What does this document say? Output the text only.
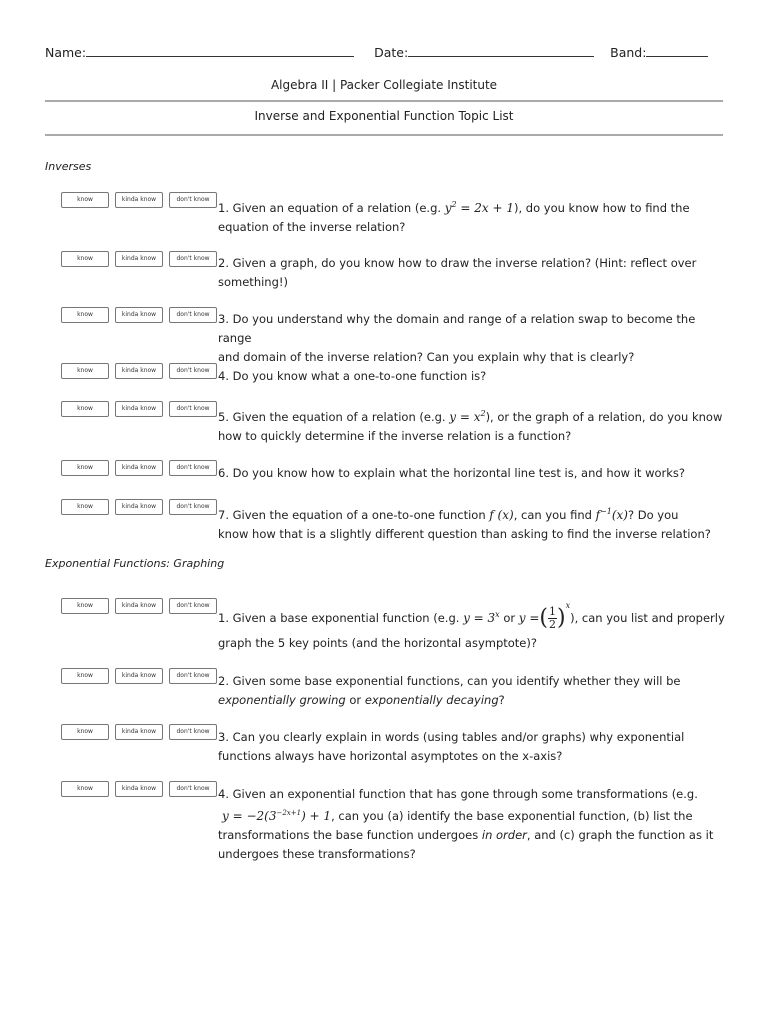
Name:	Date:	Band:
Algebra II | Packer Collegiate Institute
Inverse and Exponential Function Topic List
Inverses
know	kinda know	don't know
1. Given an equation of a relation (e.g. $y^2 = 2x + 1$), do you know how to find the
equation of the inverse relation?
know	kinda know	don't know 2. Given a graph, do you know how to draw the inverse relation? (Hint: reflect over
something!)
know	kinda know	don't know 3. Do you understand why the domain and range of a relation swap to become the range
and domain of the inverse relation? Can you explain why that is clearly?
know	kinda know	don't know 4. Do you know what a one-to-one function is?
know	kinda know	don't know
5. Given the equation of a relation (e.g. $y = x^2$), or the graph of a relation, do you know
how to quickly determine if the inverse relation is a function?
know	kinda know	don't know 6. Do you know how to explain what the horizontal line test is, and how it works?
know	kinda know	don't know
7. Given the equation of a one-to-one function f (x), can you find $f^{-1}(x)$? Do you
know how that is a slightly different question than asking to find the inverse relation?
Exponential Functions: Graphing
know	kinda know	don't know
1. Given a base exponential function (e.g. $y = 3^x$ or y =( $\frac{1}{2} )^x$), can you list and properly
graph the 5 key points (and the horizontal asymptote)?
know	kinda know	don't know 2. Given some base exponential functions, can you identify whether they will be
exponentially growing or exponentially decaying?
know	kinda know	don't know 3. Can you clearly explain in words (using tables and/or graphs) why exponential
functions always have horizontal asymptotes on the x-axis?
know	kinda know	don't know 4. Given an exponential function that has gone through some transformations (e.g.
$y = -2(3^{-2x+1}) + 1$, can you (a) identify the base exponential function, (b) list the
transformations the base function undergoes in order, and (c) graph the function as it
undergoes these transformations?
